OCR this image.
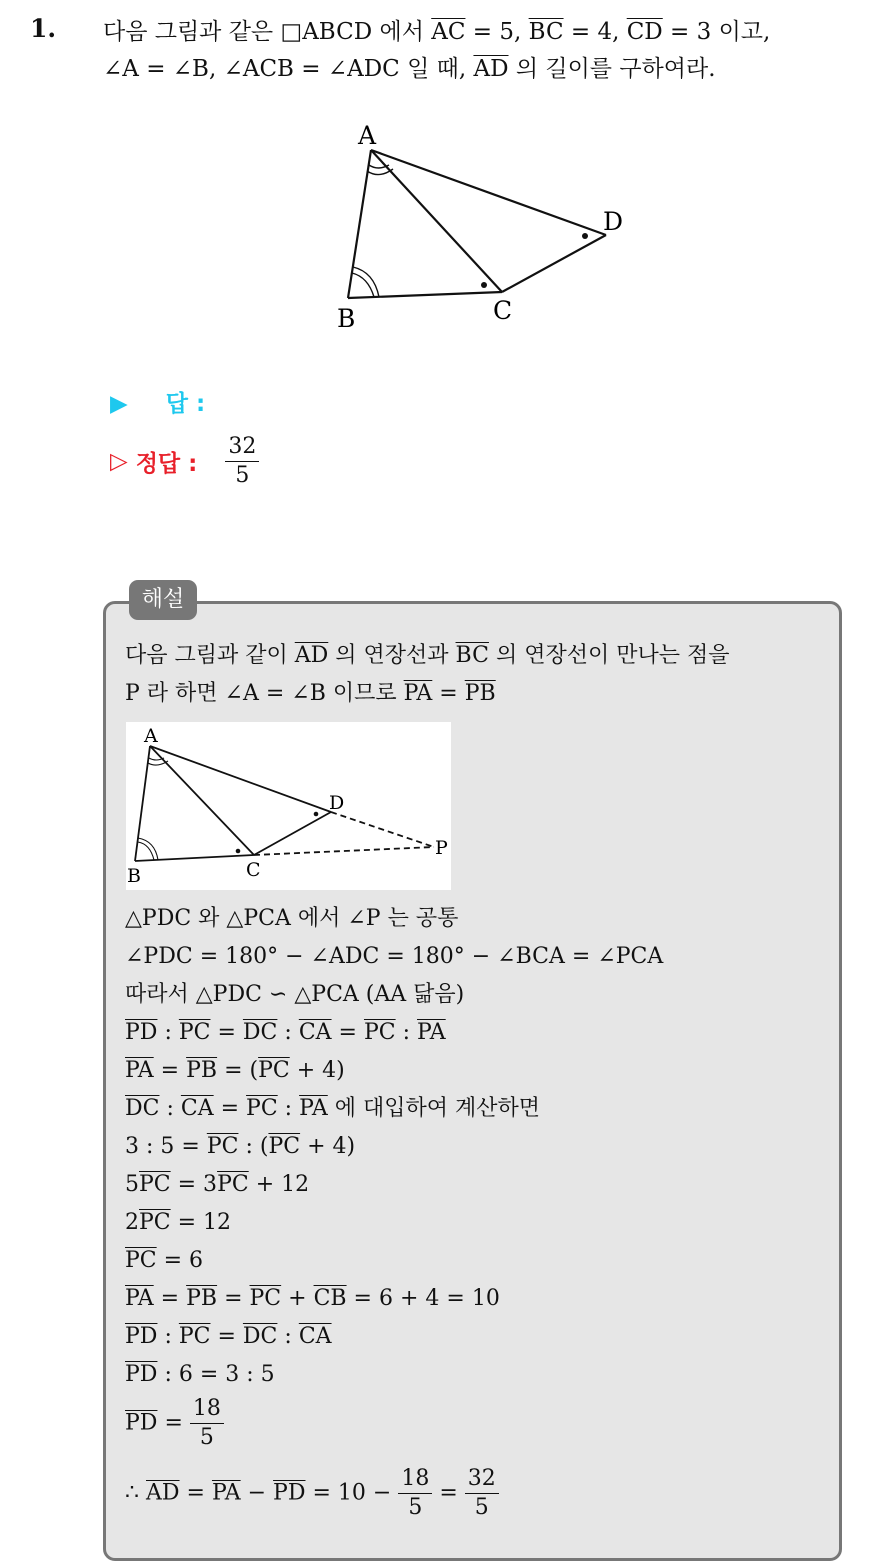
1. 다음 그림과 같은 □ABCD 에서 $\overline{AC} = 5$, $\overline{BC} = 4$, $\overline{CD} = 3$ 이고,
∠A = ∠B, ∠ACB = ∠ADC 일 때, $\overline{AD}$ 의 길이를 구하여라.
A
B	C
D
▶ 답 :
▷ 정답 : $\frac{32}{5}$
해설
다음 그림과 같이 $\overline{AD}$ 의 연장선과 $\overline{BC}$ 의 연장선이 만나는 점을
P 라 하면 ∠A = ∠B 이므로 $\overline{PA} = \overline{PB}$
A
B	C
D
P
△PDC 와 △PCA 에서 ∠P 는 공통
∠PDC = 180° − ∠ADC = 180° − ∠BCA = ∠PCA
따라서 △PDC ∽ △PCA (AA 닮음)
$\overline{PD}$ : $\overline{PC} = \overline{DC}$ : $\overline{CA} = \overline{PC}$ : $\overline{PA}$
$\overline{PA} = \overline{PB} = (\overline{PC} + 4)$
$\overline{DC}$ : $\overline{CA} = \overline{PC}$ : $\overline{PA}$ 에 대입하여 계산하면
3 : $5 = \overline{PC}$ : $(\overline{PC} + 4)$
$5\overline{PC} = 3\overline{PC} + 12$
$2\overline{PC} = 12$
$\overline{PC} = 6$
$\overline{PA} = \overline{PB} = \overline{PC} + \overline{CB} = 6 + 4 = 10$
$\overline{PD}$ : $\overline{PC} = \overline{DC}$ : $\overline{CA}$
$\overline{PD}$ : 6 = 3 : 5
$\overline{PD} = \frac{18}{5}$
∴ $\overline{AD} = \overline{PA} - \overline{PD} = 10 - \frac{18}{5} = \frac{32}{5}$
